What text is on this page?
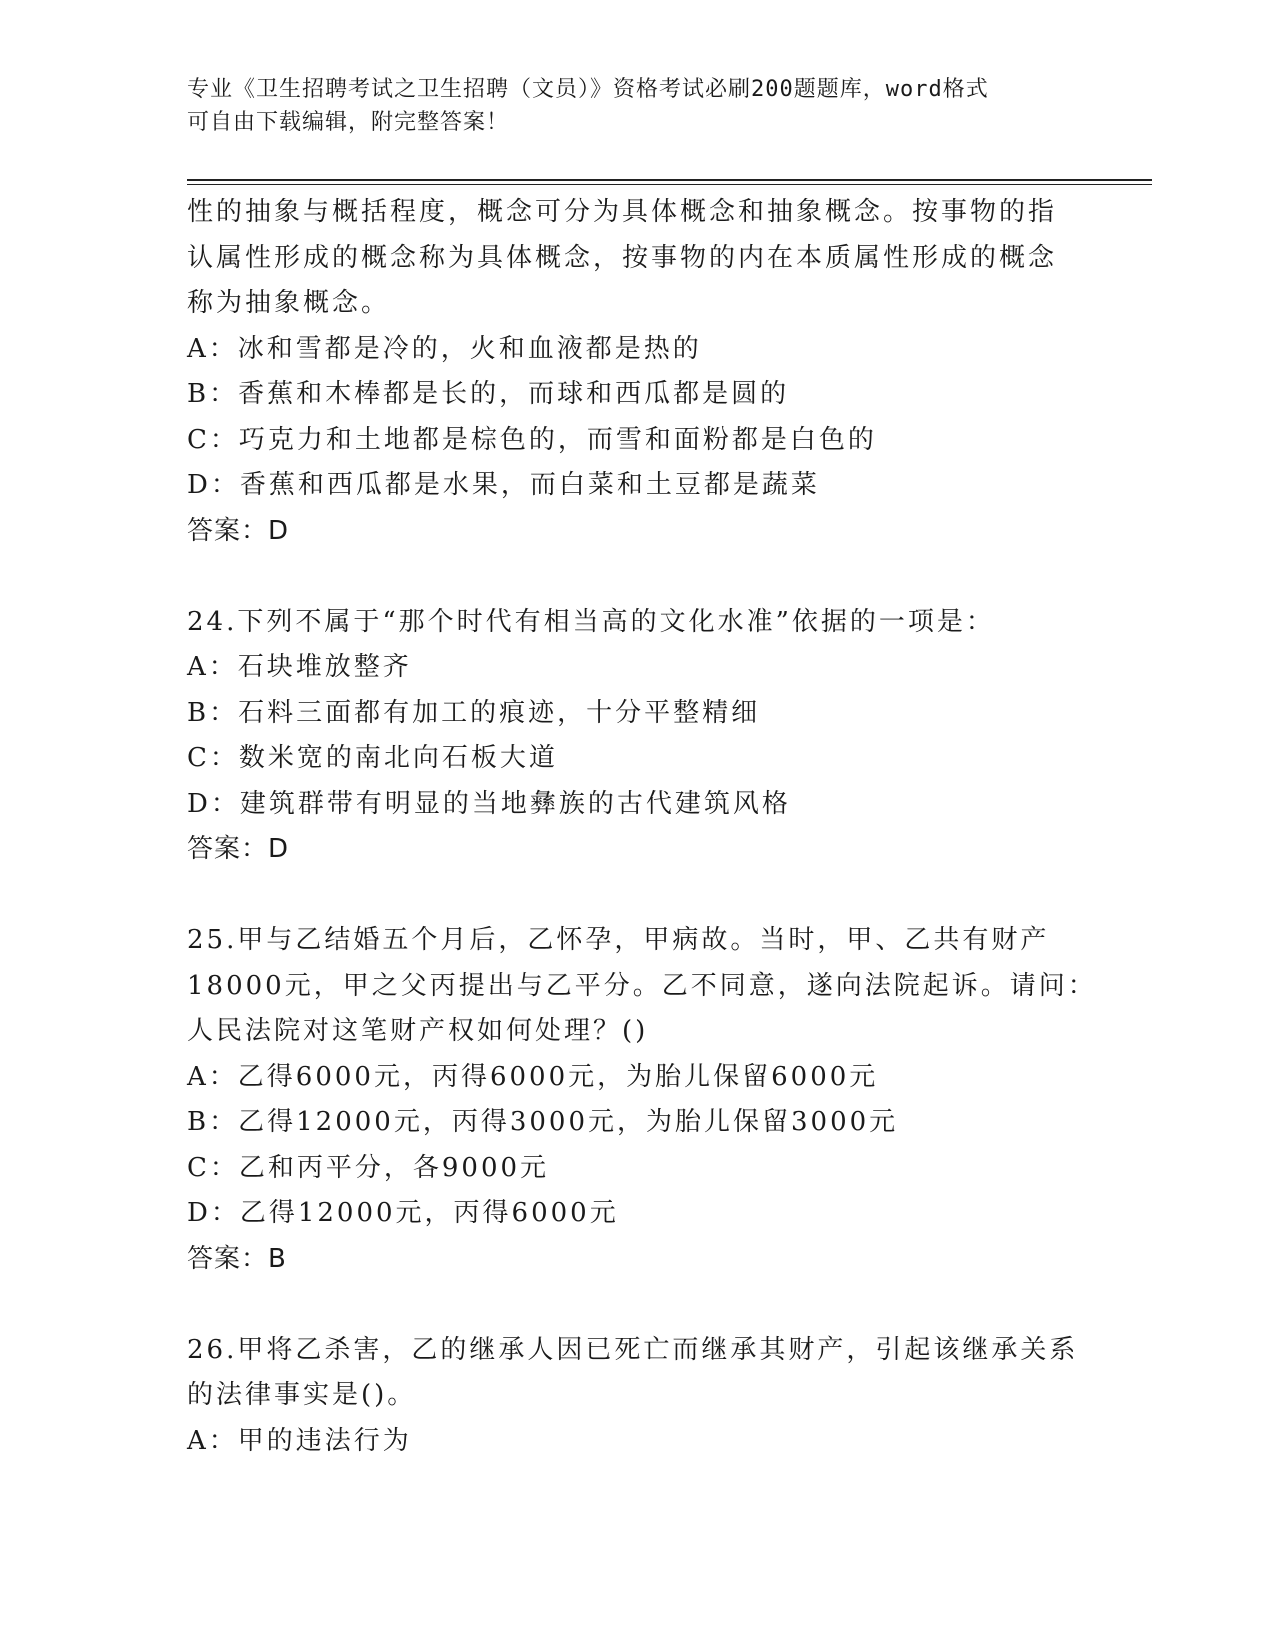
专业《卫生招聘考试之卫生招聘（文员）》资格考试必刷200题题库，word格式
可自由下载编辑，附完整答案！
性的抽象与概括程度，概念可分为具体概念和抽象概念。按事物的指
认属性形成的概念称为具体概念，按事物的内在本质属性形成的概念
称为抽象概念。
A：冰和雪都是冷的，火和血液都是热的
B：香蕉和木棒都是长的，而球和西瓜都是圆的
C：巧克力和土地都是棕色的，而雪和面粉都是白色的
D：香蕉和西瓜都是水果，而白菜和土豆都是蔬菜
答案：D
24.下列不属于“那个时代有相当高的文化水准”依据的一项是：
A：石块堆放整齐
B：石料三面都有加工的痕迹，十分平整精细
C：数米宽的南北向石板大道
D：建筑群带有明显的当地彝族的古代建筑风格
答案：D
25.甲与乙结婚五个月后，乙怀孕，甲病故。当时，甲、乙共有财产
18000元，甲之父丙提出与乙平分。乙不同意，遂向法院起诉。请问：
人民法院对这笔财产权如何处理？()
A：乙得6000元，丙得6000元，为胎儿保留6000元
B：乙得12000元，丙得3000元，为胎儿保留3000元
C：乙和丙平分，各9000元
D：乙得12000元，丙得6000元
答案：B
26.甲将乙杀害，乙的继承人因已死亡而继承其财产，引起该继承关系
的法律事实是()。
A：甲的违法行为
